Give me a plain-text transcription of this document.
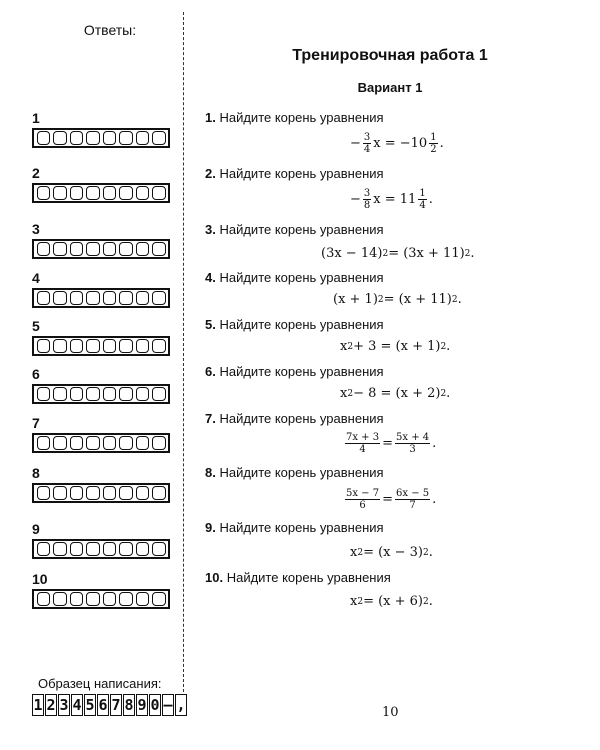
Ответы:
1
2
3
4
5
6
7
8
9
10
Образец написания:
1 2 3 4 5 6 7 8 9 0 – ,
Тренировочная работа 1
Вариант 1
1. Найдите корень уравнения
− $\frac{3}{4}$ $x = -10 \frac{1}{2}$ .
2. Найдите корень уравнения
− $\frac{3}{8}$ $x = 11 \frac{1}{4}$ .
3. Найдите корень уравнения
(3x − 14) 2 = (3x + 11) 2 .
4. Найдите корень уравнения
(x + 1) 2 = (x + 11) 2 .
5. Найдите корень уравнения
x 2 + 3 = (x + 1) 2 .
6. Найдите корень уравнения
x 2 − 8 = (x + 2) 2 .
7. Найдите корень уравнения
$\frac{7x + 3}{4} = \frac{5x + 4}{3}$ .
8. Найдите корень уравнения
$\frac{5x - 7}{6} = \frac{6x - 5}{7}$ .
9. Найдите корень уравнения
x 2 = (x − 3) 2 .
10. Найдите корень уравнения
x 2 = (x + 6) 2 .
10
